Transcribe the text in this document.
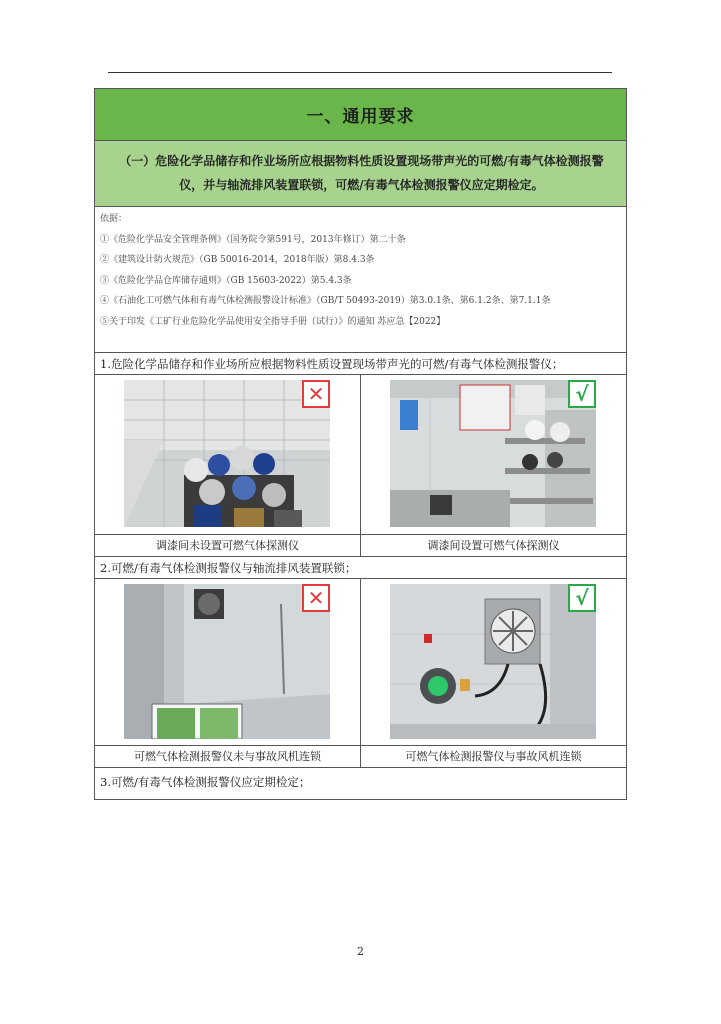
一、通用要求

（一）危险化学品储存和作业场所应根据物料性质设置现场带声光的可燃/有毒气体检测报警

仪，并与轴流排风装置联锁，可燃/有毒气体检测报警仪应定期检定。

依据：
①《危险化学品安全管理条例》（国务院令第591号，2013年修订）第二十条
②《建筑设计防火规范》（GB 50016-2014，2018年版）第8.4.3条
③《危险化学品仓库储存通则》（GB 15603-2022）第5.4.3条
④《石油化工可燃气体和有毒气体检测报警设计标准》（GB/T 50493-2019）第3.0.1条、第6.1.2条、第7.1.1条
⑤关于印发《工矿行业危险化学品使用安全指导手册（试行）》的通知 苏应急【2022】
1.危险化学品储存和作业场所应根据物料性质设置现场带声光的可燃/有毒气体检测报警仪；
✕	√
调漆间未设置可燃气体探测仪	调漆间设置可燃气体探测仪
2.可燃/有毒气体检测报警仪与轴流排风装置联锁；
✕	√
可燃气体检测报警仪未与事故风机连锁	可燃气体检测报警仪与事故风机连锁
3.可燃/有毒气体检测报警仪应定期检定；
2
